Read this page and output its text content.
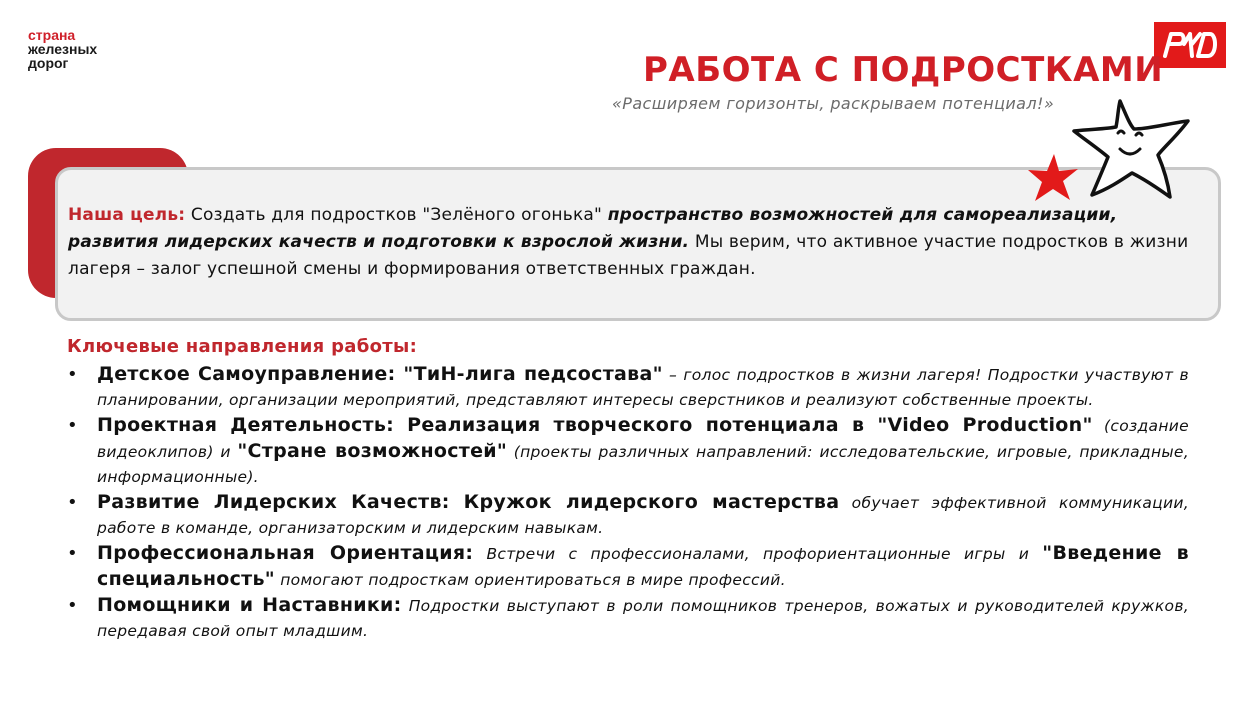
страна
железных
дорог	РАБОТА С ПОДРОСТКАМИ

«Расширяем горизонты, раскрываем потенциал!»

Наша цель: Создать для подростков "Зелёного огонька" пространство возможностей для самореализации, развития лидерских качеств и подготовки к взрослой жизни. Мы верим, что активное участие подростков в жизни лагеря – залог успешной смены и формирования ответственных граждан.
Ключевые направления работы:
• Детское Самоуправление: "ТиН-лига педсостава" – голос подростков в жизни лагеря! Подростки участвуют в планировании, организации мероприятий, представляют интересы сверстников и реализуют собственные проекты.
• Проектная Деятельность: Реализация творческого потенциала в "Video Production" (создание видеоклипов) и "Стране возможностей" (проекты различных направлений: исследовательские, игровые, прикладные, информационные).
• Развитие Лидерских Качеств: Кружок лидерского мастерства обучает эффективной коммуникации, работе в команде, организаторским и лидерским навыкам.
• Профессиональная Ориентация: Встречи с профессионалами, профориентационные игры и "Введение в специальность" помогают подросткам ориентироваться в мире профессий.
• Помощники и Наставники: Подростки выступают в роли помощников тренеров, вожатых и руководителей кружков, передавая свой опыт младшим.
